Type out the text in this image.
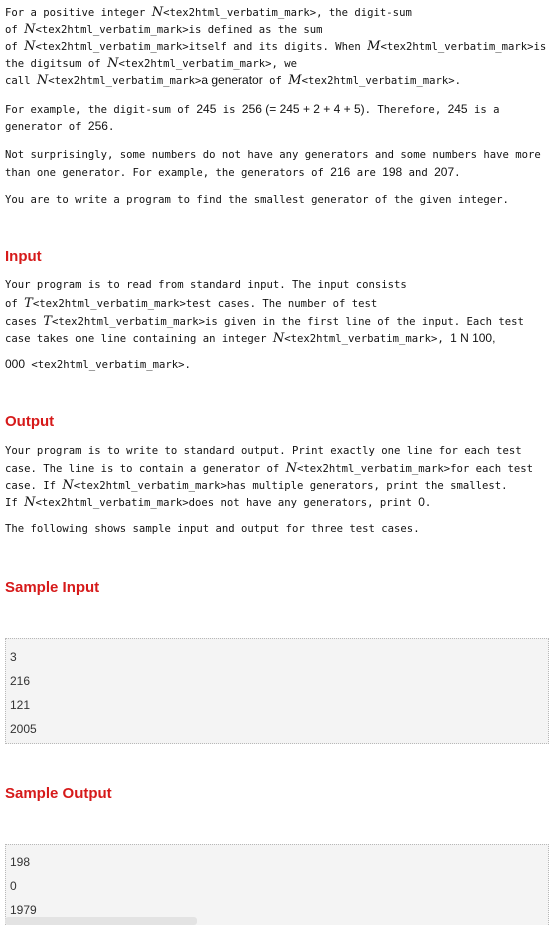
For a positive integer N<tex2html_verbatim_mark>, the digit-sum
of N<tex2html_verbatim_mark>is defined as the sum
of N<tex2html_verbatim_mark>itself and its digits. When M<tex2html_verbatim_mark>is
the digitsum of N<tex2html_verbatim_mark>, we
call N<tex2html_verbatim_mark>a generator of M<tex2html_verbatim_mark>.
For example, the digit-sum of 245 is 256 (= 245 + 2 + 4 + 5). Therefore, 245 is a
generator of 256.
Not surprisingly, some numbers do not have any generators and some numbers have more
than one generator. For example, the generators of 216 are 198 and 207.
You are to write a program to find the smallest generator of the given integer.
Input
Your program is to read from standard input. The input consists
of T<tex2html_verbatim_mark>test cases. The number of test
cases T<tex2html_verbatim_mark>is given in the first line of the input. Each test
case takes one line containing an integer N<tex2html_verbatim_mark>, 1 N 100,
000 <tex2html_verbatim_mark>.
Output
Your program is to write to standard output. Print exactly one line for each test
case. The line is to contain a generator of N<tex2html_verbatim_mark>for each test
case. If N<tex2html_verbatim_mark>has multiple generators, print the smallest.
If N<tex2html_verbatim_mark>does not have any generators, print 0.
The following shows sample input and output for three test cases.
Sample Input
3
216
121
2005
Sample Output
198
0
1979
